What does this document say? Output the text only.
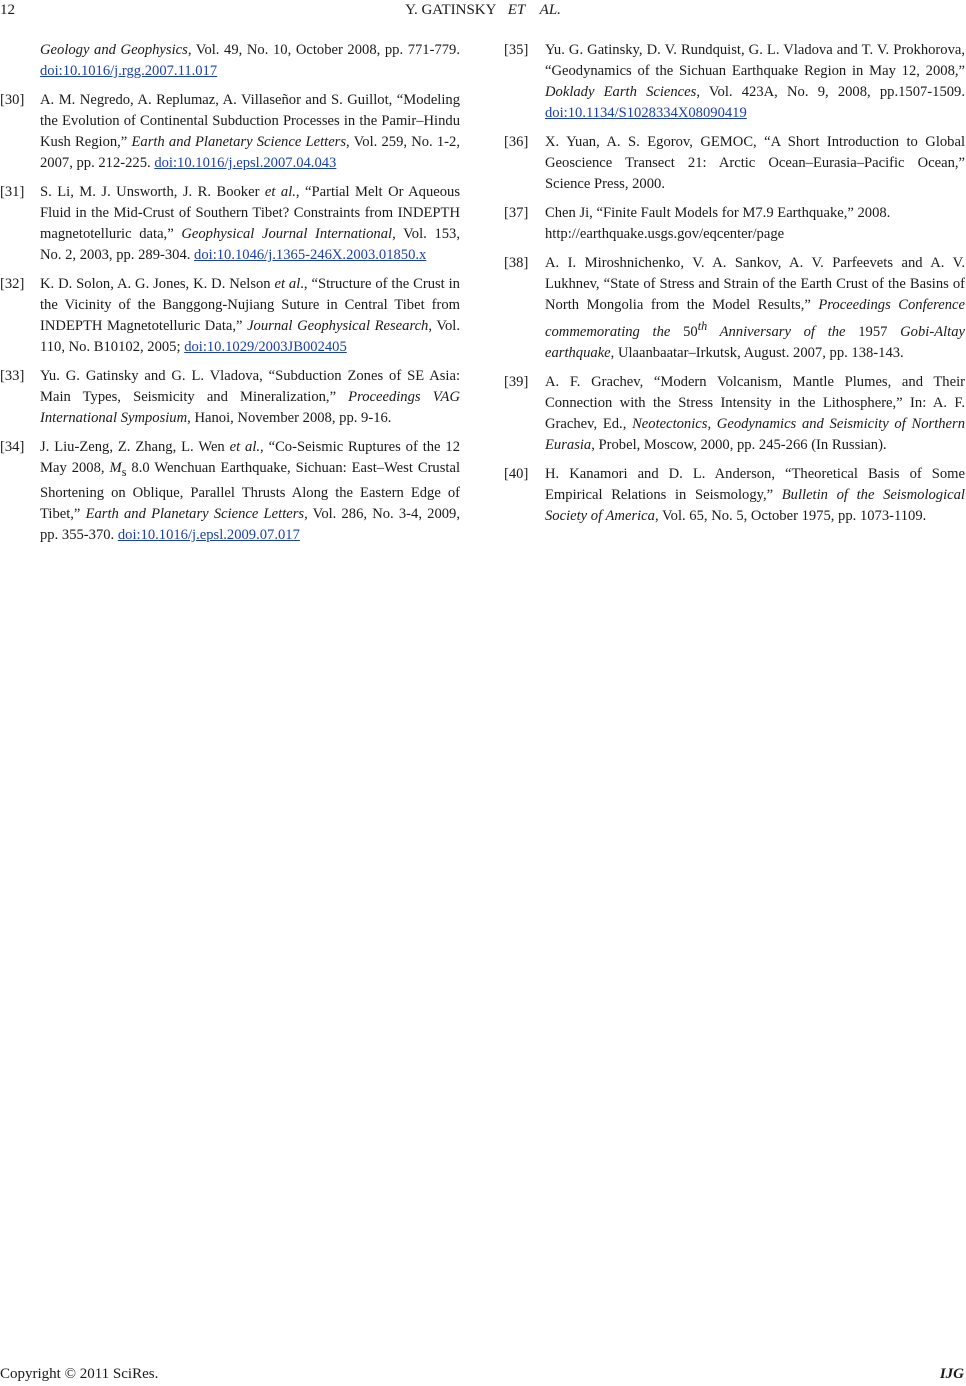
12	Y. GATINSKY ET    AL.
Geology and Geophysics, Vol. 49, No. 10, October 2008, pp. 771-779. doi:10.1016/j.rgg.2007.11.017
[30] A. M. Negredo, A. Replumaz, A. Villaseñor and S. Guillot, “Modeling the Evolution of Continental Subduction Processes in the Pamir–Hindu Kush Region,” Earth and Planetary Science Letters, Vol. 259, No. 1-2, 2007, pp. 212-225. doi:10.1016/j.epsl.2007.04.043
[31] S. Li, M. J. Unsworth, J. R. Booker et al., “Partial Melt Or Aqueous Fluid in the Mid-Crust of Southern Tibet? Constraints from INDEPTH magnetotelluric data,” Geophysical Journal International, Vol. 153, No. 2, 2003, pp. 289-304. doi:10.1046/j.1365-246X.2003.01850.x
[32] K. D. Solon, A. G. Jones, K. D. Nelson et al., “Structure of the Crust in the Vicinity of the Banggong-Nujiang Suture in Central Tibet from INDEPTH Magnetotelluric Data,” Journal Geophysical Research, Vol. 110, No. B10102, 2005; doi:10.1029/2003JB002405
[33] Yu. G. Gatinsky and G. L. Vladova, “Subduction Zones of SE Asia: Main Types, Seismicity and Mineralization,” Proceedings VAG International Symposium, Hanoi, November 2008, pp. 9-16.
[34] J. Liu-Zeng, Z. Zhang, L. Wen et al., “Co-Seismic Ruptures of the 12 May 2008, $M_s$ 8.0 Wenchuan Earthquake, Sichuan: East–West Crustal Shortening on Oblique, Parallel Thrusts Along the Eastern Edge of Tibet,” Earth and Planetary Science Letters, Vol. 286, No. 3-4, 2009, pp. 355-370. doi:10.1016/j.epsl.2009.07.017
[35] Yu. G. Gatinsky, D. V. Rundquist, G. L. Vladova and T. V. Prokhorova, “Geodynamics of the Sichuan Earthquake Region in May 12, 2008,” Doklady Earth Sciences, Vol. 423A, No. 9, 2008, pp.1507-1509. doi:10.1134/S1028334X08090419
[36] X. Yuan, A. S. Egorov, GEMOC, “A Short Introduction to Global Geoscience Transect 21: Arctic Ocean–Eurasia–Pacific Ocean,” Science Press, 2000.
[37] Chen Ji, “Finite Fault Models for M7.9 Earthquake,” 2008.
http://earthquake.usgs.gov/eqcenter/page
[38] A. I. Miroshnichenko, V. A. Sankov, A. V. Parfeevets and A. V. Lukhnev, “State of Stress and Strain of the Earth Crust of the Basins of North Mongolia from the Model Results,” Proceedings Conference commemorating the 50th Anniversary of the 1957 Gobi-Altay earthquake, Ulaanbaatar–Irkutsk, August. 2007, pp. 138-143.
[39] A. F. Grachev, “Modern Volcanism, Mantle Plumes, and Their Connection with the Stress Intensity in the Lithosphere,” In: A. F. Grachev, Ed., Neotectonics, Geodynamics and Seismicity of Northern Eurasia, Probel, Moscow, 2000, pp. 245-266 (In Russian).
[40] H. Kanamori and D. L. Anderson, “Theoretical Basis of Some Empirical Relations in Seismology,” Bulletin of the Seismological Society of America, Vol. 65, No. 5, October 1975, pp. 1073-1109.
Copyright © 2011 SciRes.	IJG
